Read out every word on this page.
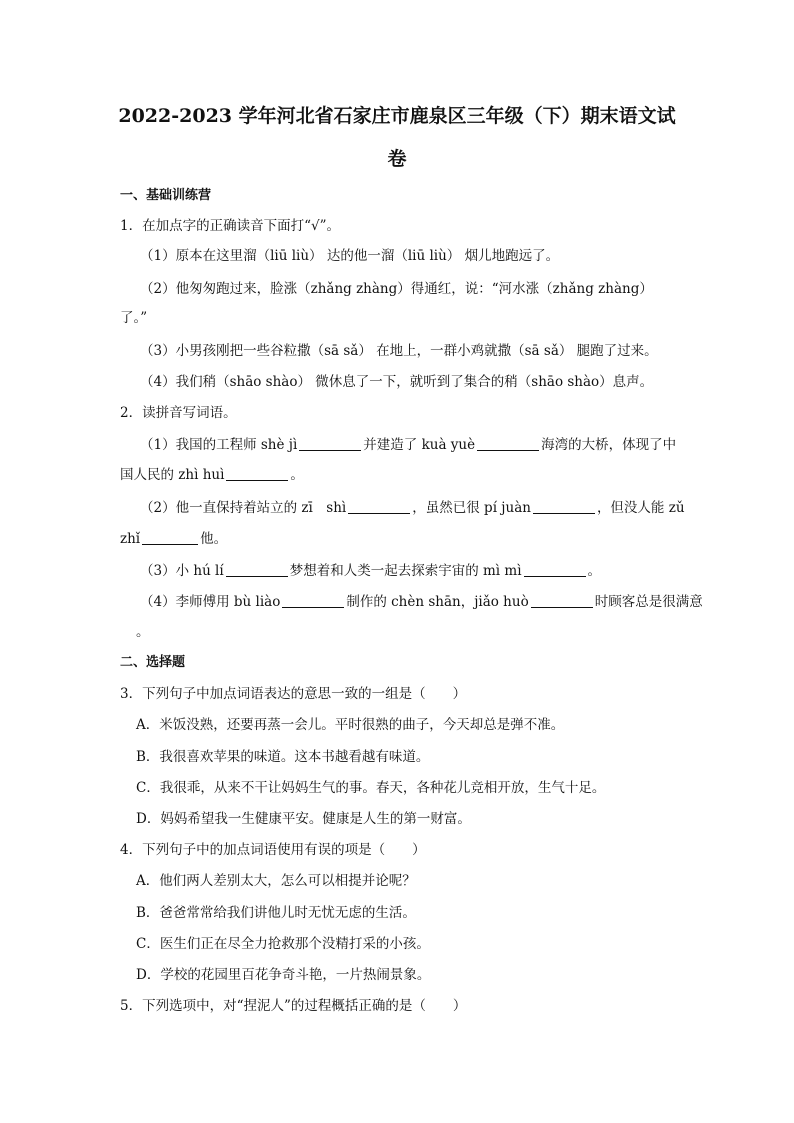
2022-2023 学年河北省石家庄市鹿泉区三年级（下）期末语文试
卷
一、基础训练营
1．在加点字的正确读音下面打“√”。
（1）原本在这里溜（liū liù） 达的他一溜（liū liù） 烟儿地跑远了。
（2）他匆匆跑过来，脸涨（zhǎng zhàng）得通红，说：“河水涨（zhǎng zhàng）
了。”
（3）小男孩刚把一些谷粒撒（sā sǎ） 在地上，一群小鸡就撒（sā sǎ） 腿跑了过来。
（4）我们稍（shāo shào） 微休息了一下，就听到了集合的稍（shāo shào）息声。
2．读拼音写词语。
（1）我国的工程师 shè jì	并建造了 kuà yuè	海湾的大桥，体现了中
国人民的 zhì huì	。
（2）他一直保持着站立的 zī　shì	，虽然已很 pí juàn	，但没人能 zǔ
zhǐ	他。
（3）小 hú lí	梦想着和人类一起去探索宇宙的 mì mì	。
（4）李师傅用 bù liào	制作的 chèn shān，jiǎo huò	时顾客总是很满意
。
二、选择题
3．下列句子中加点词语表达的意思一致的一组是（　　）
A．米饭没熟，还要再蒸一会儿。平时很熟的曲子，今天却总是弹不准。
B．我很喜欢苹果的味道。这本书越看越有味道。
C．我很乖，从来不干让妈妈生气的事。春天，各种花儿竞相开放，生气十足。
D．妈妈希望我一生健康平安。健康是人生的第一财富。
4．下列句子中的加点词语使用有误的项是（　　）
A．他们两人差别太大，怎么可以相提并论呢？
B．爸爸常常给我们讲他儿时无忧无虑的生活。
C．医生们正在尽全力抢救那个没精打采的小孩。
D．学校的花园里百花争奇斗艳，一片热闹景象。
5．下列选项中，对“捏泥人”的过程概括正确的是（　　）
